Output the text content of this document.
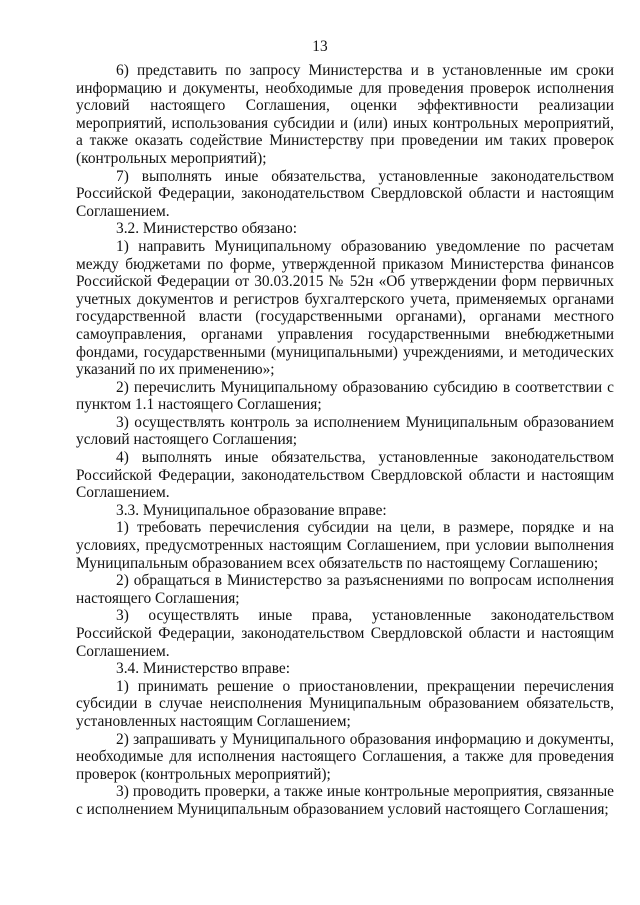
13

6) представить по запросу Министерства и в установленные им сроки информацию и документы, необходимые для проведения проверок исполнения условий настоящего Соглашения, оценки эффективности реализации мероприятий, использования субсидии и (или) иных контрольных мероприятий, а также оказать содействие Министерству при проведении им таких проверок (контрольных мероприятий);

7) выполнять иные обязательства, установленные законодательством Российской Федерации, законодательством Свердловской области и настоящим Соглашением.

3.2. Министерство обязано:

1) направить Муниципальному образованию уведомление по расчетам между бюджетами по форме, утвержденной приказом Министерства финансов Российской Федерации от 30.03.2015 № 52н «Об утверждении форм первичных учетных документов и регистров бухгалтерского учета, применяемых органами государственной власти (государственными органами), органами местного самоуправления, органами управления государственными внебюджетными фондами, государственными (муниципальными) учреждениями, и методических указаний по их применению»;

2) перечислить Муниципальному образованию субсидию в соответствии с пунктом 1.1 настоящего Соглашения;

3) осуществлять контроль за исполнением Муниципальным образованием условий настоящего Соглашения;

4) выполнять иные обязательства, установленные законодательством Российской Федерации, законодательством Свердловской области и настоящим Соглашением.

3.3. Муниципальное образование вправе:

1) требовать перечисления субсидии на цели, в размере, порядке и на условиях, предусмотренных настоящим Соглашением, при условии выполнения Муниципальным образованием всех обязательств по настоящему Соглашению;

2) обращаться в Министерство за разъяснениями по вопросам исполнения настоящего Соглашения;

3) осуществлять иные права, установленные законодательством Российской Федерации, законодательством Свердловской области и настоящим Соглашением.

3.4. Министерство вправе:

1) принимать решение о приостановлении, прекращении перечисления субсидии в случае неисполнения Муниципальным образованием обязательств, установленных настоящим Соглашением;

2) запрашивать у Муниципального образования информацию и документы, необходимые для исполнения настоящего Соглашения, а также для проведения проверок (контрольных мероприятий);

3) проводить проверки, а также иные контрольные мероприятия, связанные с исполнением Муниципальным образованием условий настоящего Соглашения;
